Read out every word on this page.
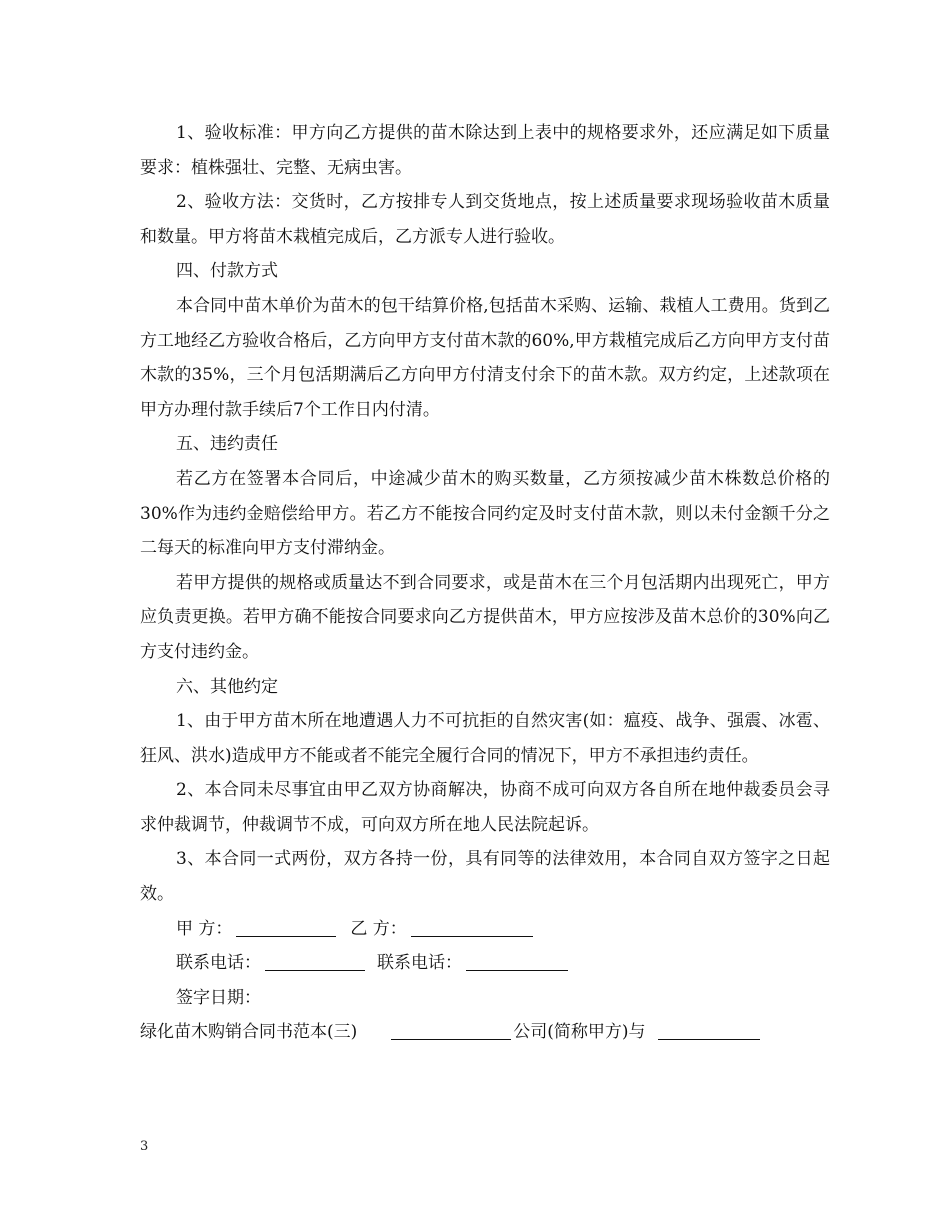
1、验收标准：甲方向乙方提供的苗木除达到上表中的规格要求外，还应满足如下质量要求：植株强壮、完整、无病虫害。

2、验收方法：交货时，乙方按排专人到交货地点，按上述质量要求现场验收苗木质量和数量。甲方将苗木栽植完成后，乙方派专人进行验收。

四、付款方式

本合同中苗木单价为苗木的包干结算价格,包括苗木采购、运输、栽植人工费用。货到乙方工地经乙方验收合格后，乙方向甲方支付苗木款的60%,甲方栽植完成后乙方向甲方支付苗木款的35%，三个月包活期满后乙方向甲方付清支付余下的苗木款。双方约定，上述款项在甲方办理付款手续后7个工作日内付清。

五、违约责任

若乙方在签署本合同后，中途减少苗木的购买数量，乙方须按减少苗木株数总价格的30%作为违约金赔偿给甲方。若乙方不能按合同约定及时支付苗木款，则以未付金额千分之二每天的标准向甲方支付滞纳金。

若甲方提供的规格或质量达不到合同要求，或是苗木在三个月包活期内出现死亡，甲方应负责更换。若甲方确不能按合同要求向乙方提供苗木，甲方应按涉及苗木总价的30%向乙方支付违约金。

六、其他约定

1、由于甲方苗木所在地遭遇人力不可抗拒的自然灾害(如：瘟疫、战争、强震、冰雹、狂风、洪水)造成甲方不能或者不能完全履行合同的情况下，甲方不承担违约责任。

2、本合同未尽事宜由甲乙双方协商解决，协商不成可向双方各自所在地仲裁委员会寻求仲裁调节，仲裁调节不成，可向双方所在地人民法院起诉。

3、本合同一式两份，双方各持一份，具有同等的法律效用，本合同自双方签字之日起效。

甲 方：	乙 方：

联系电话：	联系电话：

签字日期：

绿化苗木购销合同书范本(三)	公司(简称甲方)与

3
